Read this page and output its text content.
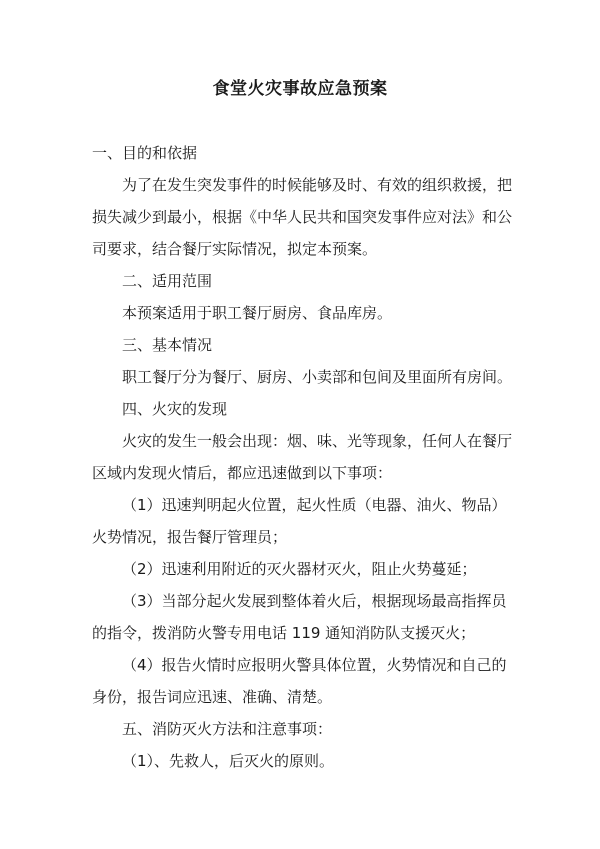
食堂火灾事故应急预案
一、目的和依据
为了在发生突发事件的时候能够及时、有效的组织救援，把
损失减少到最小，根据《中华人民共和国突发事件应对法》和公
司要求，结合餐厅实际情况，拟定本预案。
二、适用范围
本预案适用于职工餐厅厨房、食品库房。
三、基本情况
职工餐厅分为餐厅、厨房、小卖部和包间及里面所有房间。
四、火灾的发现
火灾的发生一般会出现：烟、味、光等现象，任何人在餐厅
区域内发现火情后，都应迅速做到以下事项：
（1）迅速判明起火位置，起火性质（电器、油火、物品）
火势情况，报告餐厅管理员；
（2）迅速利用附近的灭火器材灭火，阻止火势蔓延；
（3）当部分起火发展到整体着火后，根据现场最高指挥员
的指令，拨消防火警专用电话 119 通知消防队支援灭火；
（4）报告火情时应报明火警具体位置，火势情况和自己的
身份，报告词应迅速、准确、清楚。
五、消防灭火方法和注意事项：
（1）、先救人，后灭火的原则。
